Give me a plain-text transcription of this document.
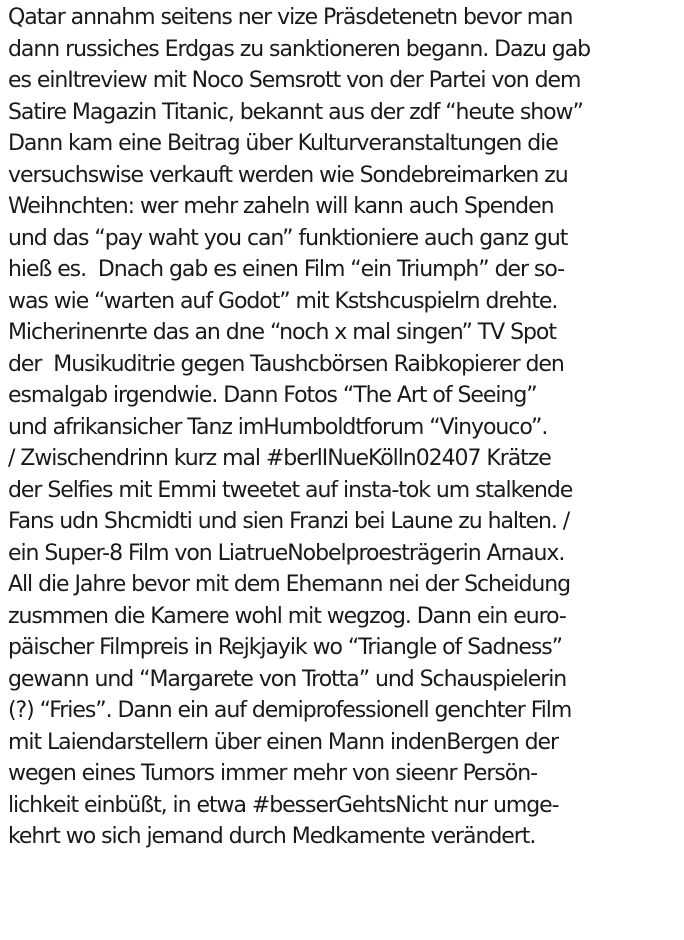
Qatar annahm seitens ner vize Präsdetenetn bevor man
dann russiches Erdgas zu sanktioneren begann. Dazu gab
es einItreview mit Noco Semsrott von der Partei von dem
Satire Magazin Titanic, bekannt aus der zdf “heute show”
Dann kam eine Beitrag über Kulturveranstaltungen die
versuchswise verkauft werden wie Sondebreimarken zu
Weihnchten: wer mehr zaheln will kann auch Spenden
und das “pay waht you can” funktioniere auch ganz gut
hieß es.  Dnach gab es einen Film “ein Triumph” der so-
was wie “warten auf Godot” mit Kstshcuspielrn drehte.
Micherinenrte das an dne “noch x mal singen” TV Spot
der  Musikuditrie gegen Taushcbörsen Raibkopierer den
esmalgab irgendwie. Dann Fotos “The Art of Seeing”
und afrikansicher Tanz imHumboldtforum “Vinyouco”.
/ Zwischendrinn kurz mal #berlINueKölln02407 Krätze
der Selfies mit Emmi tweetet auf insta-tok um stalkende
Fans udn Shcmidti und sien Franzi bei Laune zu halten. /
ein Super-8 Film von LiatrueNobelproesträgerin Arnaux.
All die Jahre bevor mit dem Ehemann nei der Scheidung
zusmmen die Kamere wohl mit wegzog. Dann ein euro-
päischer Filmpreis in Rejkjayik wo “Triangle of Sadness”
gewann und “Margarete von Trotta” und Schauspielerin
(?) “Fries”. Dann ein auf demiprofessionell genchter Film
mit Laiendarstellern über einen Mann indenBergen der
wegen eines Tumors immer mehr von sieenr Persön-
lichkeit einbüßt, in etwa #besserGehtsNicht nur umge-
kehrt wo sich jemand durch Medkamente verändert.
